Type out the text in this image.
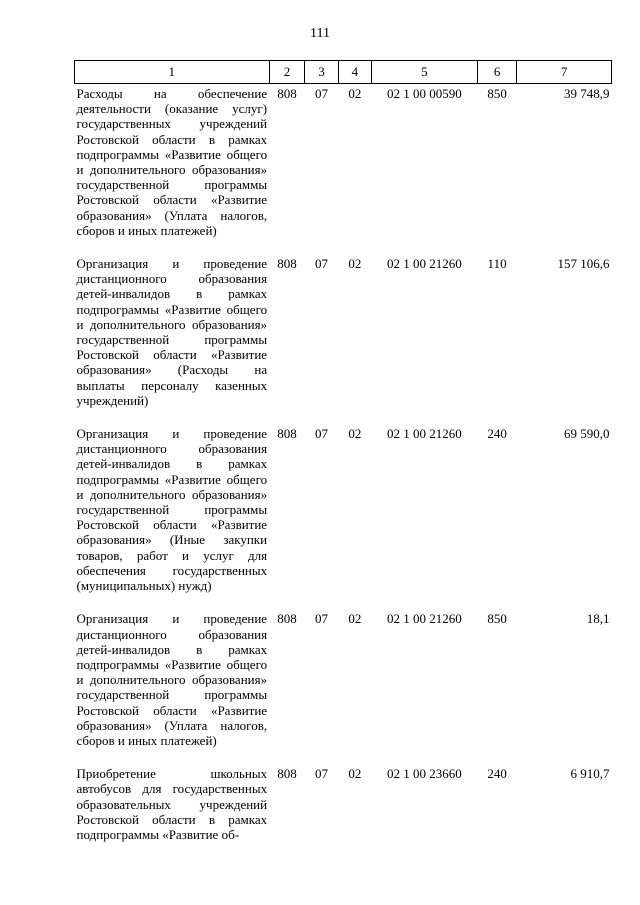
111
1	2	3	4	5	6	7
Расходы на обеспечение деятельности (оказание услуг) государственных учреждений Ростовской области в рамках подпрограммы «Развитие общего и дополнительного образования» государственной программы Ростовской области «Развитие образования» (Уплата налогов, сборов и иных платежей)	808	07	02	02 1 00 00590	850	39 748,9
Организация и проведение дистанционного образования детей-инвалидов в рамках подпрограммы «Развитие общего и дополнительного образования» государственной программы Ростовской области «Развитие образования» (Расходы на выплаты персоналу казенных учреждений)	808	07	02	02 1 00 21260	110	157 106,6
Организация и проведение дистанционного образования детей-инвалидов в рамках подпрограммы «Развитие общего и дополнительного образования» государственной программы Ростовской области «Развитие образования» (Иные закупки товаров, работ и услуг для обеспечения государственных (муниципальных) нужд)	808	07	02	02 1 00 21260	240	69 590,0
Организация и проведение дистанционного образования детей-инвалидов в рамках подпрограммы «Развитие общего и дополнительного образования» государственной программы Ростовской области «Развитие образования» (Уплата налогов, сборов и иных платежей)	808	07	02	02 1 00 21260	850	18,1
Приобретение школьных автобусов для государственных образовательных учреждений Ростовской области в рамках подпрограммы «Развитие об-	808	07	02	02 1 00 23660	240	6 910,7
